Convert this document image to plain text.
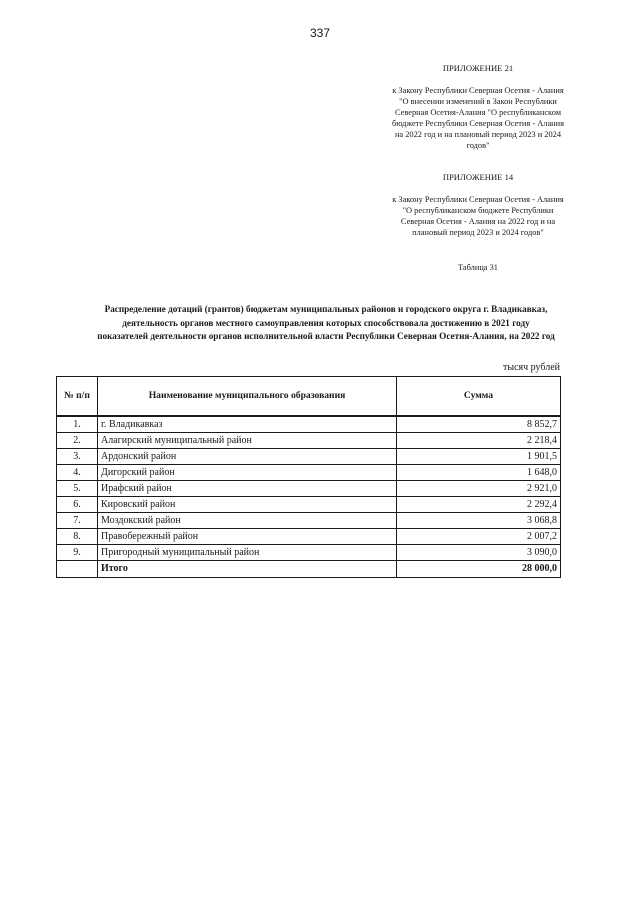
337
ПРИЛОЖЕНИЕ 21

к Закону Республики Северная Осетия - Алания "О внесении изменений в Закон Республики Северная Осетия-Алания "О республиканском бюджете Республики Северная Осетия - Алания на 2022 год и на плановый период 2023 и 2024 годов"

ПРИЛОЖЕНИЕ 14

к Закону Республики Северная Осетия - Алания "О республиканском бюджете Республики Северная Осетия - Алания на 2022 год и на плановый период 2023 и 2024 годов"

Таблица 31
Распределение дотаций (грантов) бюджетам муниципальных районов и городского округа г. Владикавказ, деятельность органов местного самоуправления которых способствовала достижению в 2021 году показателей деятельности органов исполнительной власти Республики Северная Осетия-Алания, на 2022 год
тысяч рублей
№ п/п	Наименование муниципального образования	Сумма
1.	г. Владикавказ	8 852,7
2.	Алагирский муниципальный район	2 218,4
3.	Ардонский район	1 901,5
4.	Дигорский район	1 648,0
5.	Ирафский район	2 921,0
6.	Кировский район	2 292,4
7.	Моздокский район	3 068,8
8.	Правобережный район	2 007,2
9.	Пригородный муниципальный район	3 090,0
	Итого	28 000,0
